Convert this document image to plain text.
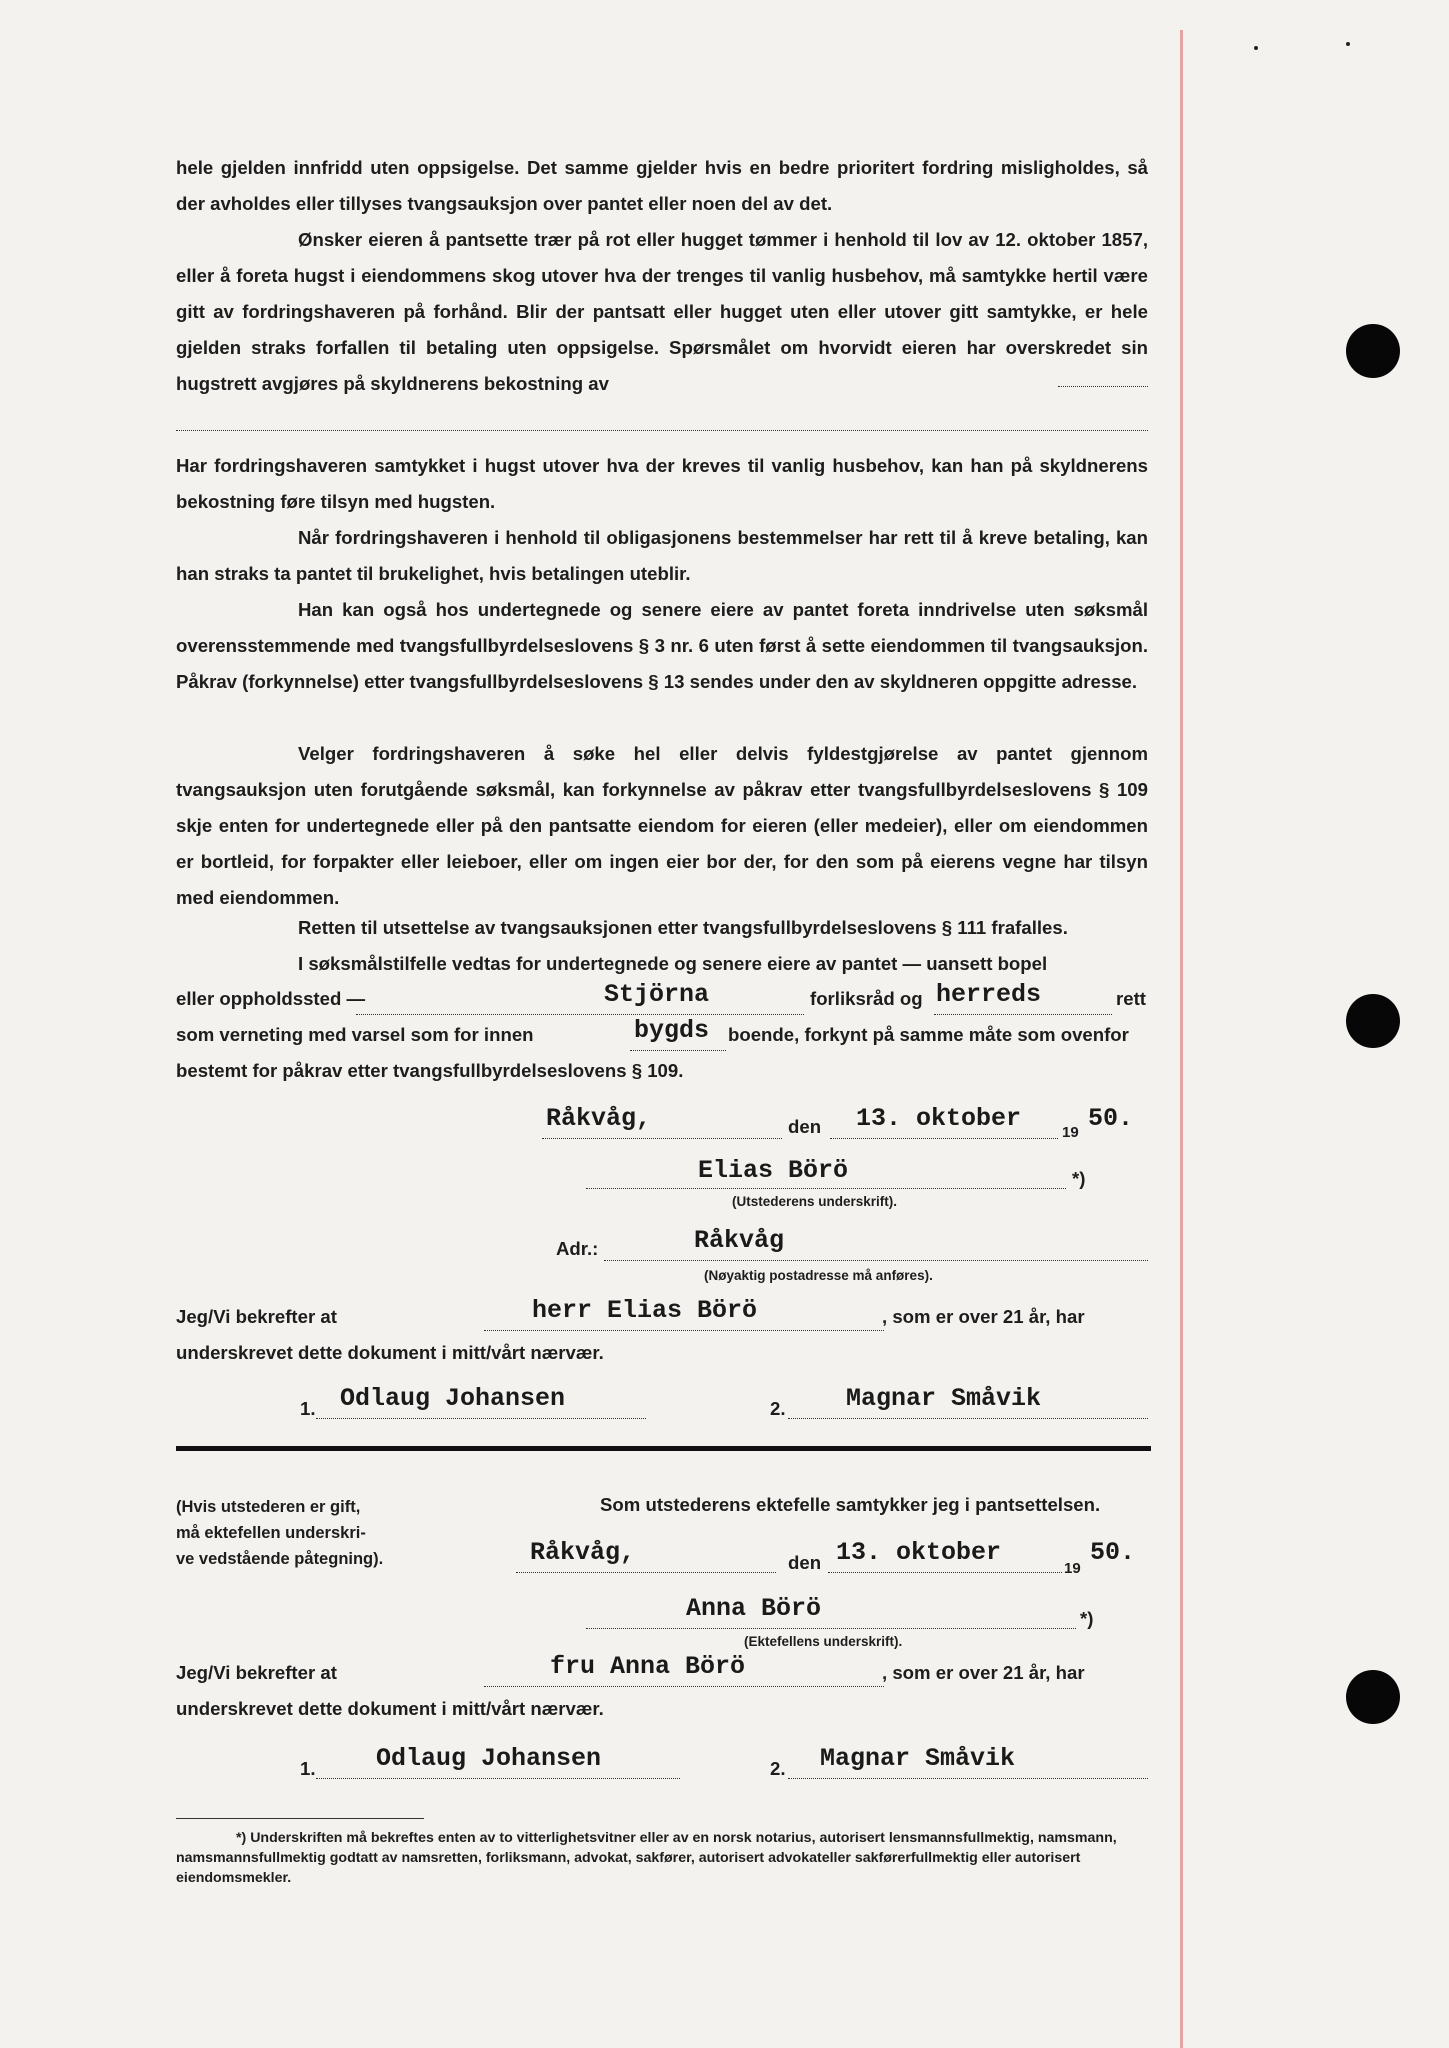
hele gjelden innfridd uten oppsigelse. Det samme gjelder hvis en bedre prioritert fordring misligholdes, så der avholdes eller tillyses tvangsauksjon over pantet eller noen del av det.

Ønsker eieren å pantsette trær på rot eller hugget tømmer i henhold til lov av 12. oktober 1857, eller å foreta hugst i eiendommens skog utover hva der trenges til vanlig husbehov, må samtykke hertil være gitt av fordringshaveren på forhånd. Blir der pantsatt eller hugget uten eller utover gitt samtykke, er hele gjelden straks forfallen til betaling uten oppsigelse. Spørsmålet om hvorvidt eieren har overskredet sin hugstrett avgjøres på skyldnerens bekostning av

Har fordringshaveren samtykket i hugst utover hva der kreves til vanlig husbehov, kan han på skyldnerens bekostning føre tilsyn med hugsten.

Når fordringshaveren i henhold til obligasjonens bestemmelser har rett til å kreve betaling, kan han straks ta pantet til brukelighet, hvis betalingen uteblir.

Han kan også hos undertegnede og senere eiere av pantet foreta inndrivelse uten søksmål overensstemmende med tvangsfullbyrdelseslovens § 3 nr. 6 uten først å sette eiendommen til tvangsauksjon. Påkrav (forkynnelse) etter tvangsfullbyrdelseslovens § 13 sendes under den av skyldneren oppgitte adresse.

Velger fordringshaveren å søke hel eller delvis fyldestgjørelse av pantet gjennom tvangsauksjon uten forutgående søksmål, kan forkynnelse av påkrav etter tvangsfullbyrdelseslovens § 109 skje enten for undertegnede eller på den pantsatte eiendom for eieren (eller medeier), eller om eiendommen er bortleid, for forpakter eller leieboer, eller om ingen eier bor der, for den som på eierens vegne har tilsyn med eiendommen.

Retten til utsettelse av tvangsauksjonen etter tvangsfullbyrdelseslovens § 111 frafalles.

I søksmålstilfelle vedtas for undertegnede og senere eiere av pantet — uansett bopel

eller oppholdssted —	Stjörna	forliksråd og herreds	rett
som verneting med varsel som for innen	bygds boende, forkynt på samme måte som ovenfor
bestemt for påkrav etter tvangsfullbyrdelseslovens § 109.
Råkvåg,	den 13. oktober	19 50.
Elias Börö	*)
(Utstederens underskrift).
Adr.:	Råkvåg
(Nøyaktig postadresse må anføres).
Jeg/Vi bekrefter at	herr Elias Börö	, som er over 21 år, har
underskrevet dette dokument i mitt/vårt nærvær.
1. Odlaug Johansen	2. Magnar Småvik
(Hvis utstederen er gift,
må ektefellen underskri-
ve vedstående påtegning).
Som utstederens ektefelle samtykker jeg i pantsettelsen.
Råkvåg,	den 13. oktober
19
50.
Anna Börö	*)
(Ektefellens underskrift).
Jeg/Vi bekrefter at	fru Anna Börö	, som er over 21 år, har
underskrevet dette dokument i mitt/vårt nærvær.
1. Odlaug Johansen	2. Magnar Småvik

*) Underskriften må bekreftes enten av to vitterlighetsvitner eller av en norsk notarius, autorisert lensmannsfullmektig, namsmann, namsmannsfullmektig godtatt av namsretten, forliksmann, advokat, sakfører, autorisert advokateller sakførerfullmektig eller autorisert eiendomsmekler.
